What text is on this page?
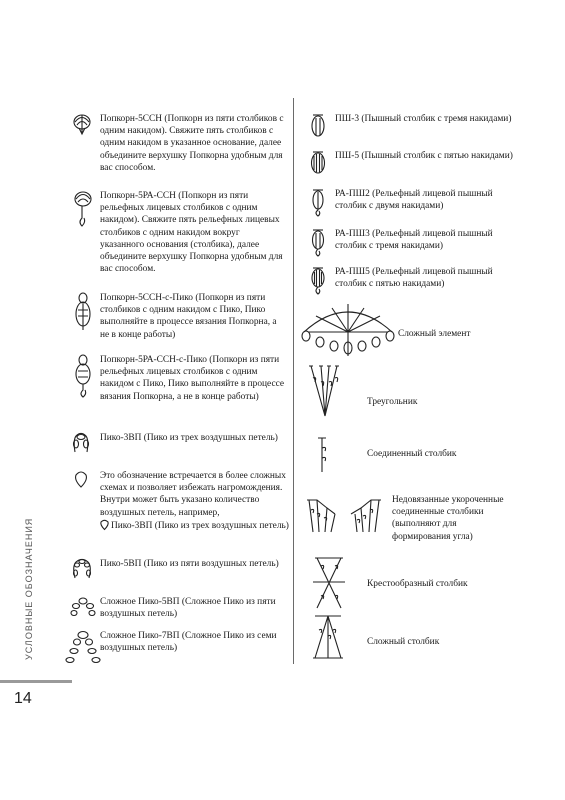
Попкорн-5ССН (Попкорн из пяти столбиков с одним накидом). Свяжите пять столбиков с одним накидом в указанное основание, далее объедините верхушку Попкорна удобным для вас способом.
Попкорн-5РА-ССН (Попкорн из пяти рельефных лицевых столбиков с одним накидом). Свяжите пять рельефных лицевых столбиков с одним накидом вокруг указанного основания (столбика), далее объедините верхушку Попкорна удобным для вас способом.
Попкорн-5ССН-с-Пико (Попкорн из пяти столбиков с одним накидом с Пико, Пико выполняйте в процессе вязания Попкорна, а не в конце работы)
Попкорн-5РА-ССН-с-Пико (Попкорн из пяти рельефных лицевых столбиков с одним накидом с Пико, Пико выполняйте в процессе вязания Попкорна, а не в конце работы)
Пико-3ВП (Пико из трех воздушных петель)
Это обозначение встречается в более сложных схемах и позволяет избежать нагромождения. Внутри может быть указано количество воздушных петель, например,

Пико-3ВП (Пико из трех воздушных петель)
Пико-5ВП (Пико из пяти воздушных петель)
Сложное Пико-5ВП (Сложное Пико из пяти воздушных петель)
Сложное Пико-7ВП (Сложное Пико из семи воздушных петель)
ПШ-3 (Пышный столбик с тремя накидами)
ПШ-5 (Пышный столбик с пятью накидами)
РА-ПШ2 (Рельефный лицевой пышный столбик с двумя накидами)
РА-ПШ3 (Рельефный лицевой пышный столбик с тремя накидами)
РА-ПШ5 (Рельефный лицевой пышный столбик с пятью накидами)
Сложный элемент
Треугольник
Соединенный столбик
Недовязанные укороченные соединенные столбики (выполняют для формирования угла)
Крестообразный столбик
Сложный столбик
УСЛОВНЫЕ ОБОЗНАЧЕНИЯ
14
